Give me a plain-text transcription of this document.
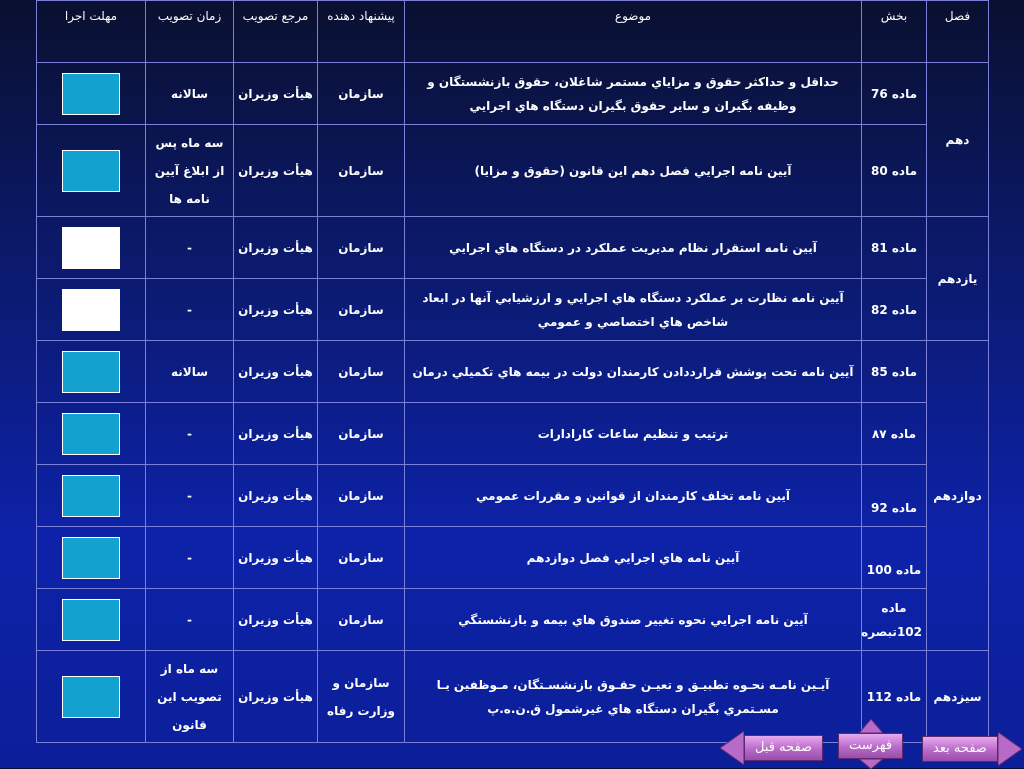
فصل	بخش	موضوع	پيشنهاد دهنده	مرجع تصويب	زمان تصويب	مهلت اجرا
دهم	ماده 76	حداقل و حداكثر حقوق و مزاياي مستمر شاغلان، حقوق بازنشستگان و وظيفه بگيران و ساير حقوق بگيران دستگاه هاي اجرايي	سازمان	هيأت وزيران	سالانه	

	ماده 80	آيين نامه اجرايي فصل دهم اين قانون (حقوق و مزايا)	سازمان	هيأت وزيران	سه ماه پس از ابلاغ آيين نامه ها	

يازدهم	ماده 81	آيين نامه استقرار نظام مديريت عملكرد در دستگاه هاي اجرايي	سازمان	هيأت وزيران	-	

	ماده 82	آيين نامه نظارت بر عملكرد دستگاه هاي اجرايي و ارزشيابي آنها در ابعاد شاخص هاي اختصاصي و عمومي	سازمان	هيأت وزيران	-	

دوازدهم	ماده 85	آيين نامه تحت پوشش قرارددادن كارمندان دولت در بيمه هاي تكميلي درمان	سازمان	هيأت وزيران	سالانه	

	ماده ۸۷	ترتيب و تنظيم ساعات كارادارات	سازمان	هيأت وزيران	-	

	ماده 92	آيين نامه تخلف كارمندان از قوانين و مقررات عمومي	سازمان	هيأت وزيران	-	

	ماده 100	آيين نامه هاي اجرايي فصل دوازدهم	سازمان	هيأت وزيران	-	

	ماده 102تبصره	آيين نامه اجرايي نحوه تغيير صندوق هاي بيمه و بازنشستگي	سازمان	هيأت وزيران	-	

سيزدهم	ماده 112	آيـين نامـه نحـوه تطبيـق و تعيـن حقـوق بازنشسـتگان، مـوظفين يـا مسـتمري بگيران دستگاه هاي غيرشمول ق.ن.ه.پ	سازمان و وزارت رفاه	هيأت وزيران	سه ماه از تصويب اين قانون	
صفحه بعد
فهرست
صفحه قبل
